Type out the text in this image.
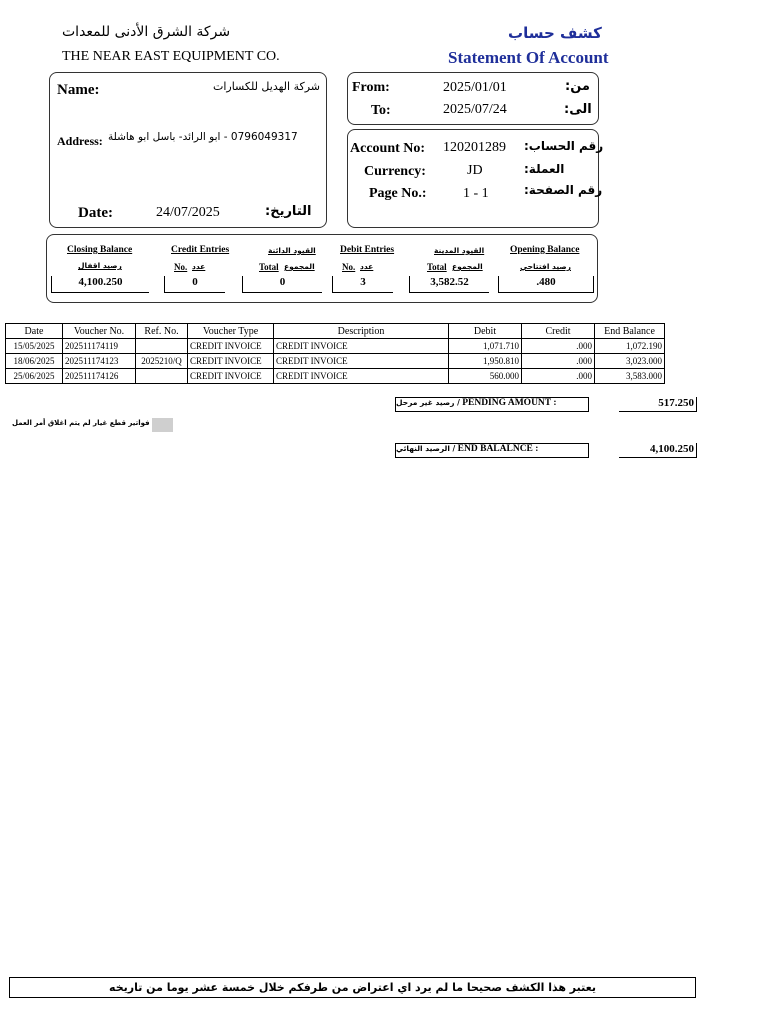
شركة الشرق الأدنى للمعدات
THE NEAR EAST EQUIPMENT CO.
كشف حساب
Statement Of Account
Name:	شركة الهديل للكسارات
Address: 0796049317 - ابو الرائد- باسل ابو هاشلة
Date:	24/07/2025	التاريخ:
From:	2025/01/01	من:
To:	2025/07/24	الى:
Account No: 120201289 رقم الحساب:
Currency:	JD	العملة:
Page No.:	1 - 1	رقم الصفحة:
Closing Balance
رصيد اقفال
4,100.250
Credit Entries	القيود الدائنة
No. عدد	Total المجموع
0	0
Debit Entries	القيود المدينة
No. عدد	Total المجموع
3	3,582.52
Opening Balance
رصيد افتتاحي
.480
Date	Voucher No.	Ref. No.	Voucher Type	Description	Debit	Credit	End Balance
15/05/2025	202511174119		CREDIT INVOICE	CREDIT INVOICE	1,071.710	.000	1,072.190
18/06/2025	202511174123	2025210/Q	CREDIT INVOICE	CREDIT INVOICE	1,950.810	.000	3,023.000
25/06/2025	202511174126		CREDIT INVOICE	CREDIT INVOICE	560.000	.000	3,583.000
رصيد غير مرحل / PENDING AMOUNT :	517.250
فواتير قطع غيار لم يتم اغلاق أمر العمل
الرصيد النهائي / END BALALNCE :	4,100.250
يعتبر هذا الكشف صحيحا ما لم يرد اي اعتراض من طرفكم خلال خمسة عشر يوما من تاريخه
